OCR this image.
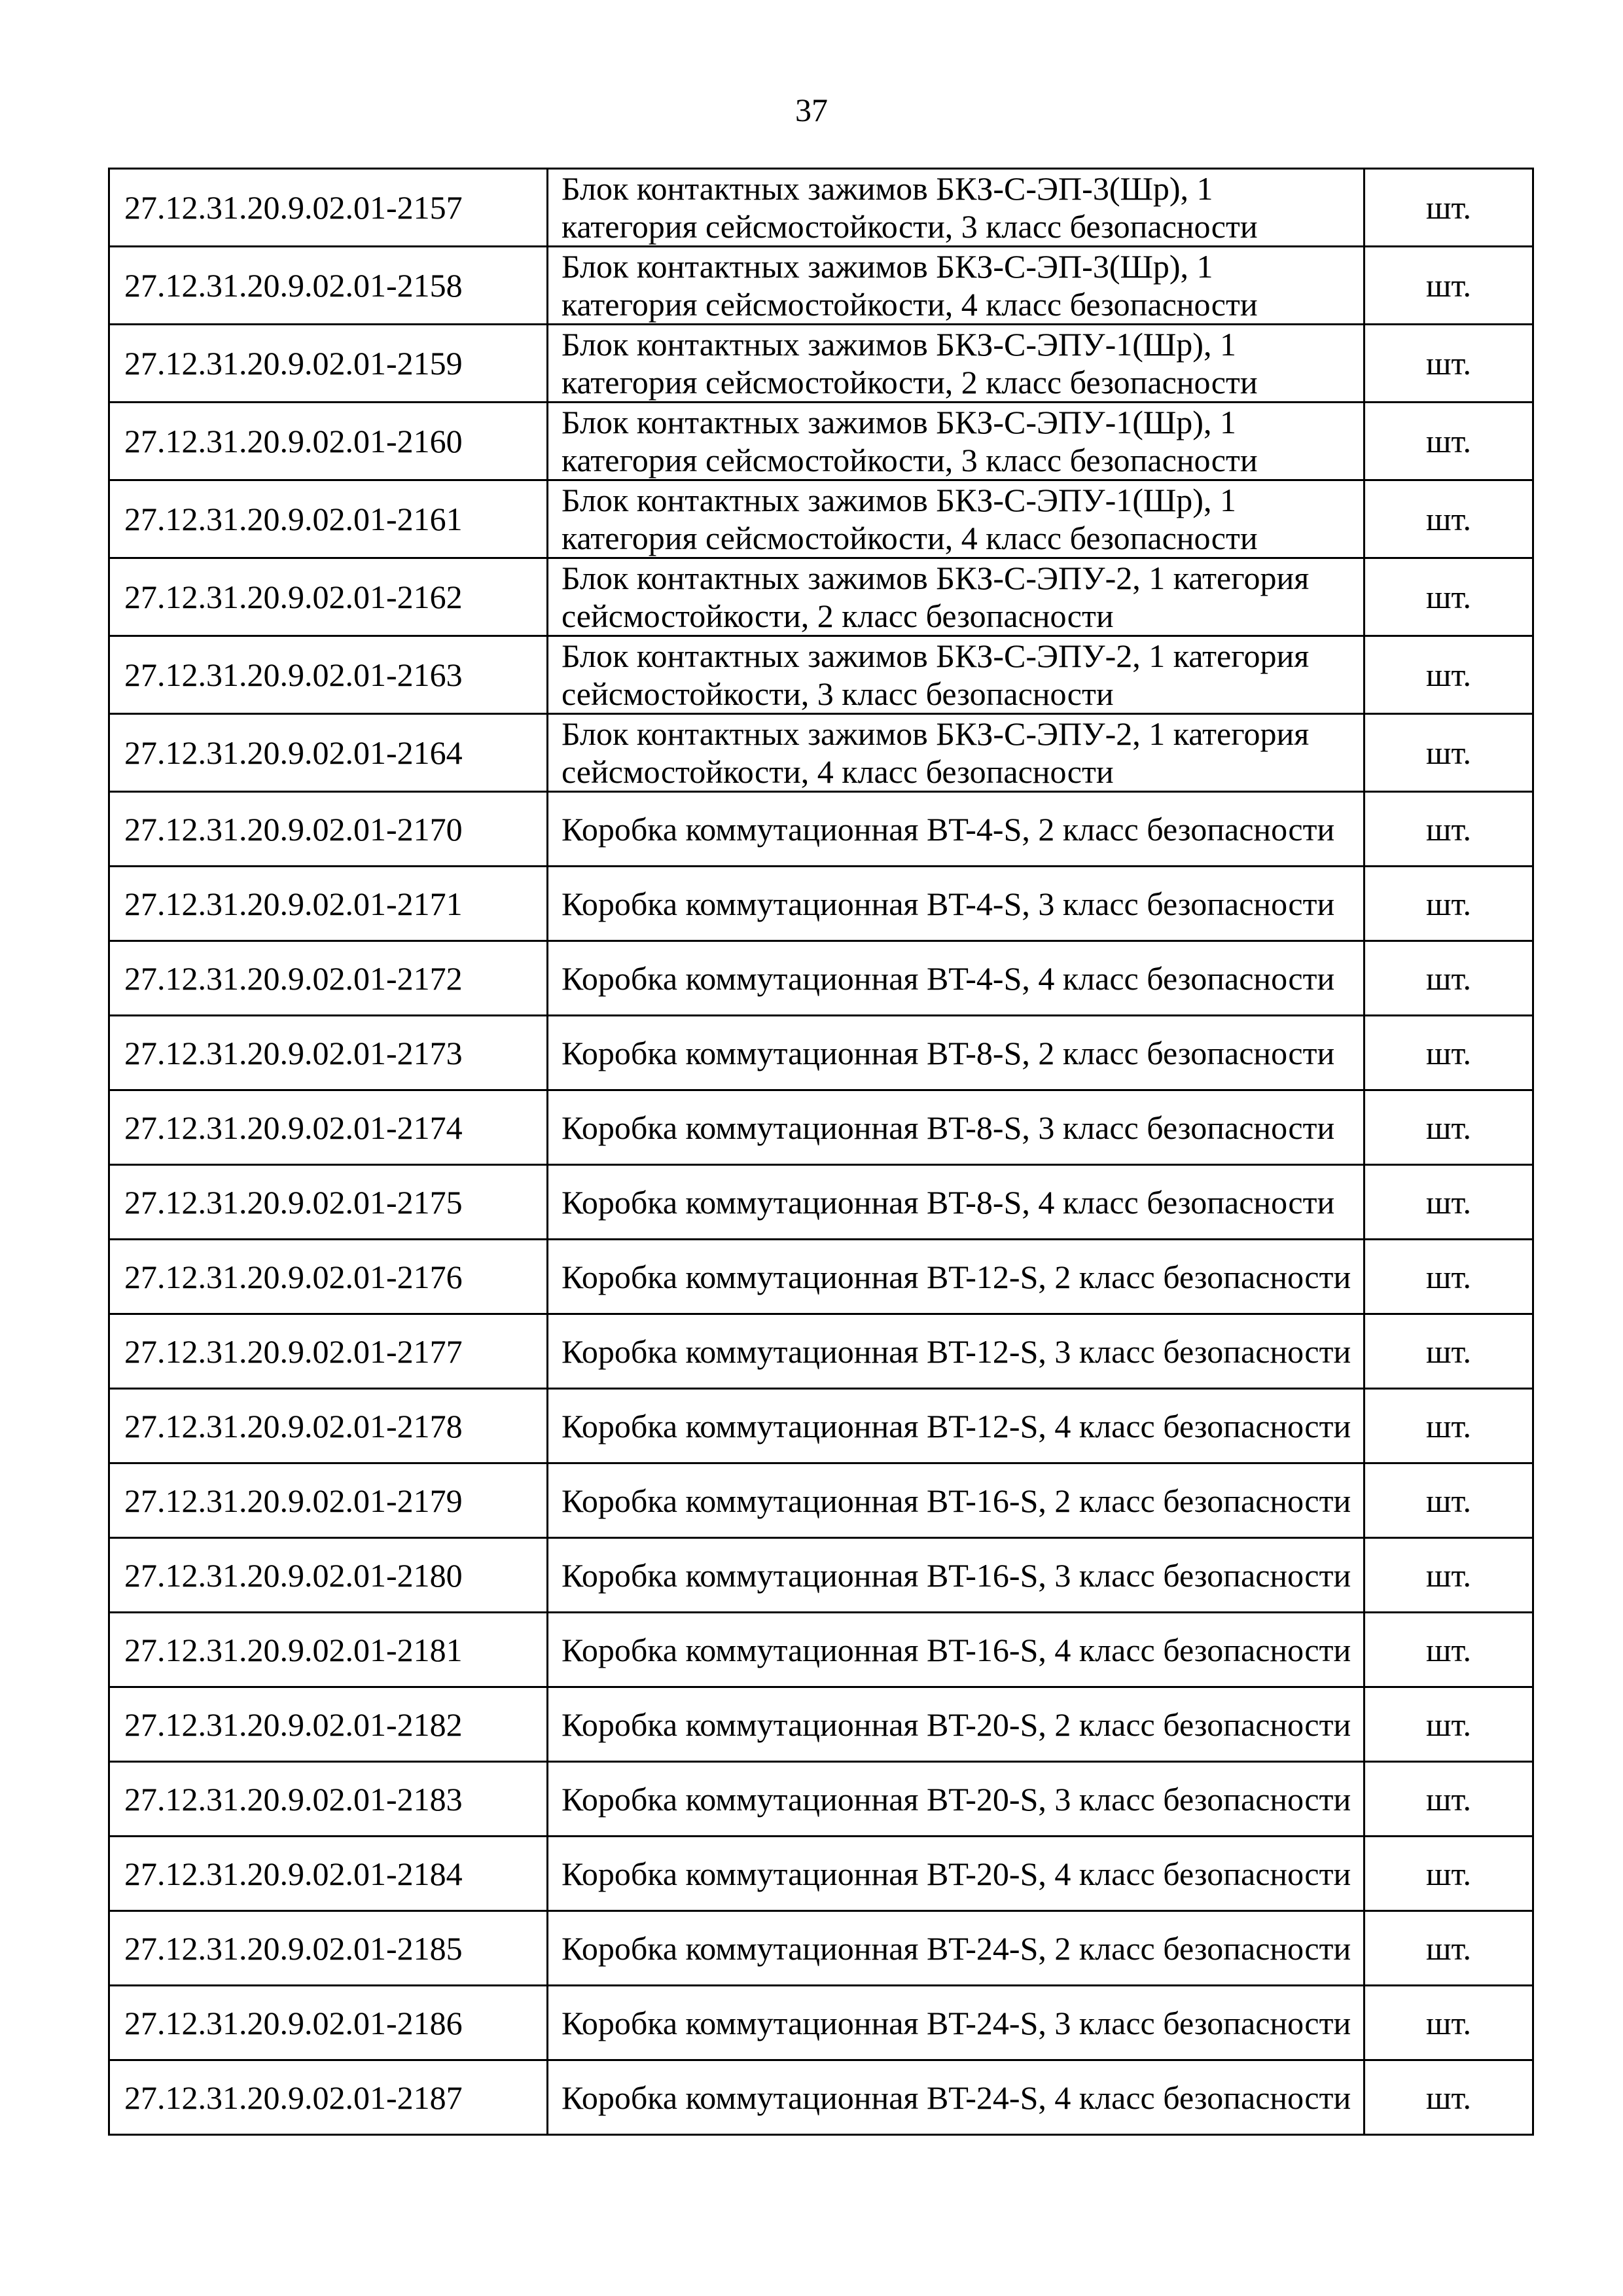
37
27.12.31.20.9.02.01-2157	Блок контактных зажимов БКЗ-С-ЭП-3(Шр), 1 категория сейсмостойкости, 3 класс безопасности	шт.
27.12.31.20.9.02.01-2158	Блок контактных зажимов БКЗ-С-ЭП-3(Шр), 1 категория сейсмостойкости, 4 класс безопасности	шт.
27.12.31.20.9.02.01-2159	Блок контактных зажимов БКЗ-С-ЭПУ-1(Шр), 1 категория сейсмостойкости, 2 класс безопасности	шт.
27.12.31.20.9.02.01-2160	Блок контактных зажимов БКЗ-С-ЭПУ-1(Шр), 1 категория сейсмостойкости, 3 класс безопасности	шт.
27.12.31.20.9.02.01-2161	Блок контактных зажимов БКЗ-С-ЭПУ-1(Шр), 1 категория сейсмостойкости, 4 класс безопасности	шт.
27.12.31.20.9.02.01-2162	Блок контактных зажимов БКЗ-С-ЭПУ-2, 1 категория сейсмостойкости, 2 класс безопасности	шт.
27.12.31.20.9.02.01-2163	Блок контактных зажимов БКЗ-С-ЭПУ-2, 1 категория сейсмостойкости, 3 класс безопасности	шт.
27.12.31.20.9.02.01-2164	Блок контактных зажимов БКЗ-С-ЭПУ-2, 1 категория сейсмостойкости, 4 класс безопасности	шт.
27.12.31.20.9.02.01-2170	Коробка коммутационная BT-4-S, 2 класс безопасности	шт.
27.12.31.20.9.02.01-2171	Коробка коммутационная BT-4-S, 3 класс безопасности	шт.
27.12.31.20.9.02.01-2172	Коробка коммутационная BT-4-S, 4 класс безопасности	шт.
27.12.31.20.9.02.01-2173	Коробка коммутационная BT-8-S, 2 класс безопасности	шт.
27.12.31.20.9.02.01-2174	Коробка коммутационная BT-8-S, 3 класс безопасности	шт.
27.12.31.20.9.02.01-2175	Коробка коммутационная BT-8-S, 4 класс безопасности	шт.
27.12.31.20.9.02.01-2176	Коробка коммутационная BT-12-S, 2 класс безопасности	шт.
27.12.31.20.9.02.01-2177	Коробка коммутационная BT-12-S, 3 класс безопасности	шт.
27.12.31.20.9.02.01-2178	Коробка коммутационная BT-12-S, 4 класс безопасности	шт.
27.12.31.20.9.02.01-2179	Коробка коммутационная BT-16-S, 2 класс безопасности	шт.
27.12.31.20.9.02.01-2180	Коробка коммутационная BT-16-S, 3 класс безопасности	шт.
27.12.31.20.9.02.01-2181	Коробка коммутационная BT-16-S, 4 класс безопасности	шт.
27.12.31.20.9.02.01-2182	Коробка коммутационная BT-20-S, 2 класс безопасности	шт.
27.12.31.20.9.02.01-2183	Коробка коммутационная BT-20-S, 3 класс безопасности	шт.
27.12.31.20.9.02.01-2184	Коробка коммутационная BT-20-S, 4 класс безопасности	шт.
27.12.31.20.9.02.01-2185	Коробка коммутационная BT-24-S, 2 класс безопасности	шт.
27.12.31.20.9.02.01-2186	Коробка коммутационная BT-24-S, 3 класс безопасности	шт.
27.12.31.20.9.02.01-2187	Коробка коммутационная BT-24-S, 4 класс безопасности	шт.
